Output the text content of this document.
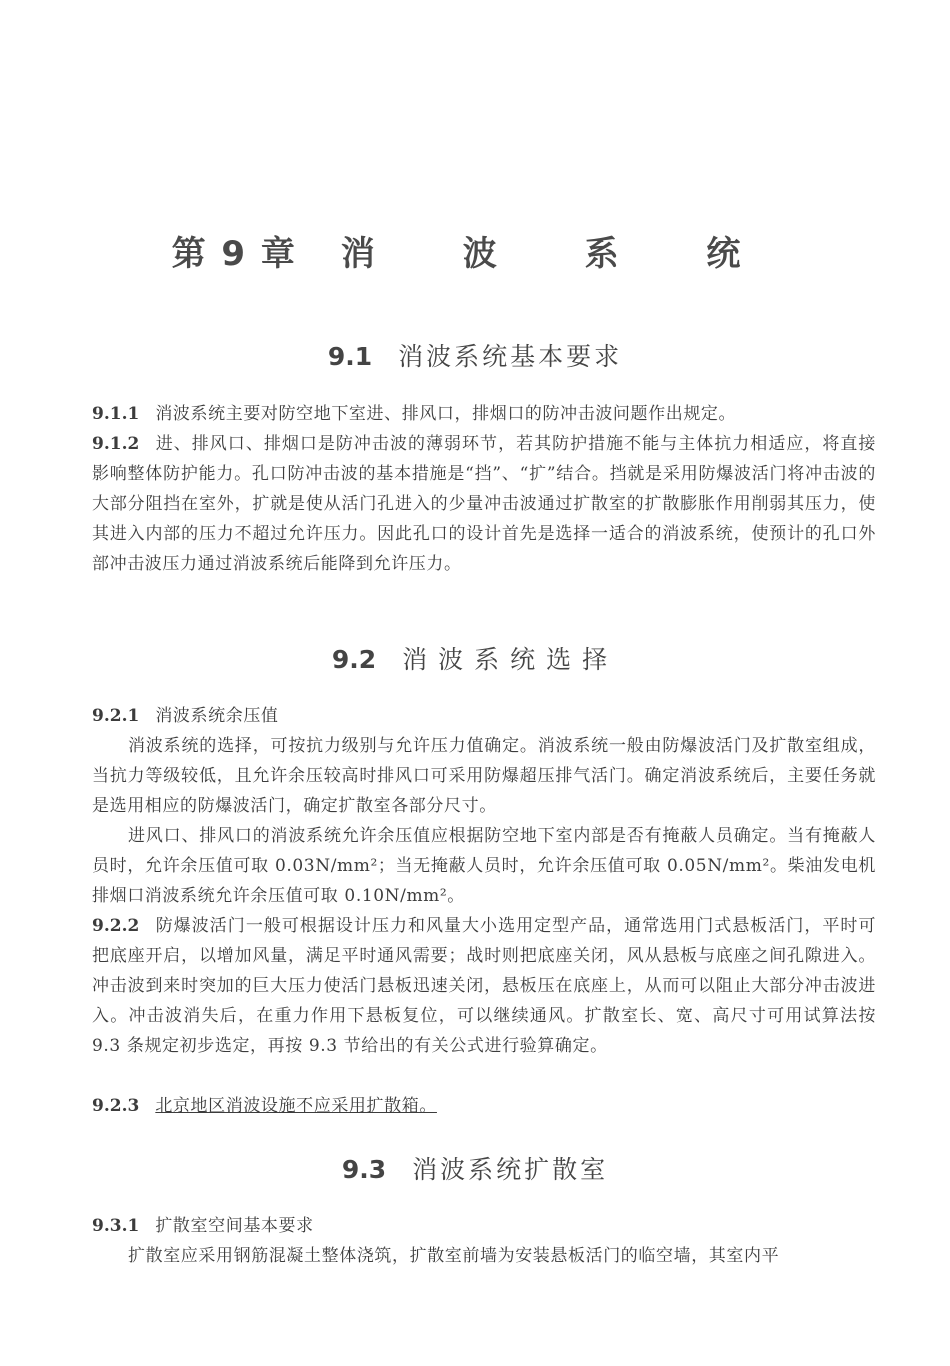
第 9 章 消 波 系 统
9.1 消波系统基本要求
9.1.1 消波系统主要对防空地下室进、排风口，排烟口的防冲击波问题作出规定。
9.1.2 进、排风口、排烟口是防冲击波的薄弱环节，若其防护措施不能与主体抗力相适应，将直接影响整体防护能力。孔口防冲击波的基本措施是“挡”、“扩”结合。挡就是采用防爆波活门将冲击波的大部分阻挡在室外，扩就是使从活门孔进入的少量冲击波通过扩散室的扩散膨胀作用削弱其压力，使其进入内部的压力不超过允许压力。因此孔口的设计首先是选择一适合的消波系统，使预计的孔口外部冲击波压力通过消波系统后能降到允许压力。
9.2 消波系统选择
9.2.1 消波系统余压值
消波系统的选择，可按抗力级别与允许压力值确定。消波系统一般由防爆波活门及扩散室组成，当抗力等级较低，且允许余压较高时排风口可采用防爆超压排气活门。确定消波系统后，主要任务就是选用相应的防爆波活门，确定扩散室各部分尺寸。
进风口、排风口的消波系统允许余压值应根据防空地下室内部是否有掩蔽人员确定。当有掩蔽人员时，允许余压值可取 0.03N/mm²；当无掩蔽人员时，允许余压值可取 0.05N/mm²。柴油发电机排烟口消波系统允许余压值可取 0.10N/mm²。
9.2.2 防爆波活门一般可根据设计压力和风量大小选用定型产品，通常选用门式悬板活门，平时可把底座开启，以增加风量，满足平时通风需要；战时则把底座关闭，风从悬板与底座之间孔隙进入。冲击波到来时突加的巨大压力使活门悬板迅速关闭，悬板压在底座上，从而可以阻止大部分冲击波进入。冲击波消失后，在重力作用下悬板复位，可以继续通风。扩散室长、宽、高尺寸可用试算法按 9.3 条规定初步选定，再按 9.3 节给出的有关公式进行验算确定。
9.2.3 北京地区消波设施不应采用扩散箱。
9.3 消波系统扩散室
9.3.1 扩散室空间基本要求
扩散室应采用钢筋混凝土整体浇筑，扩散室前墙为安装悬板活门的临空墙，其室内平
